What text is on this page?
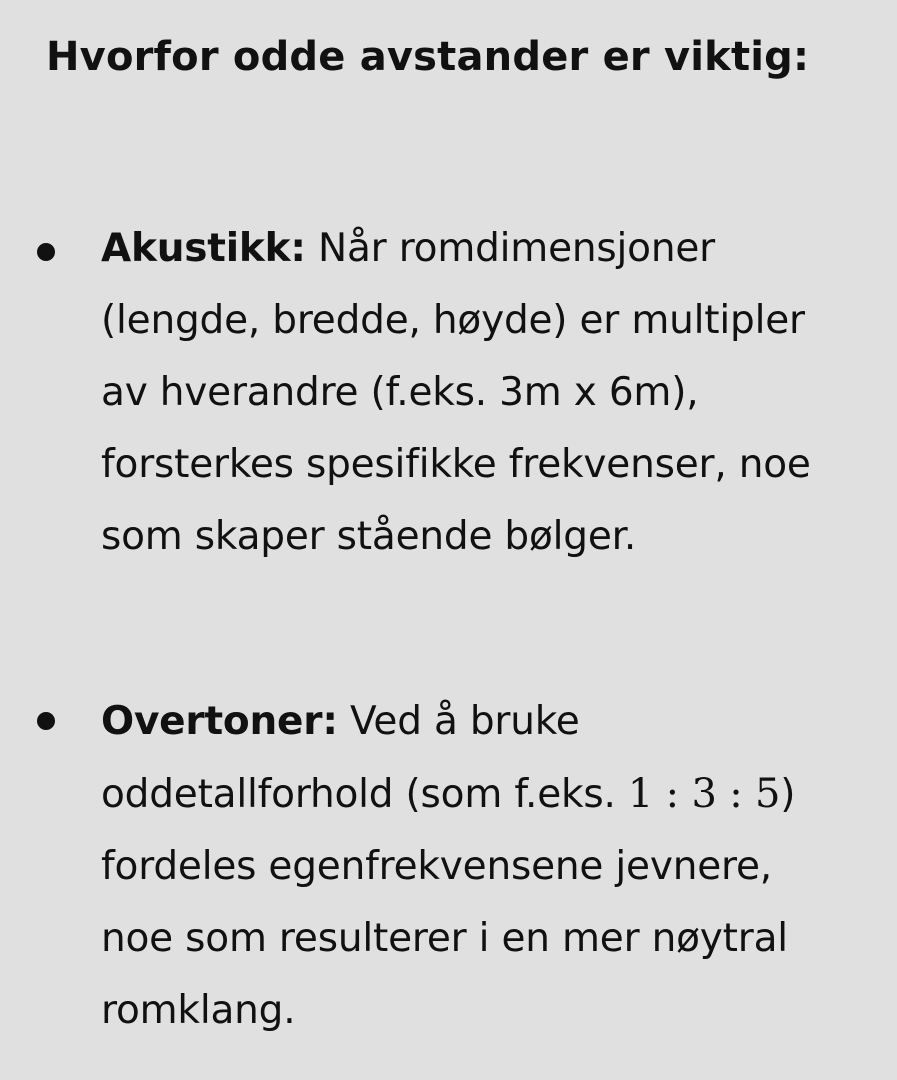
Hvorfor odde avstander er viktig:
Akustikk: Når romdimensjoner (lengde, bredde, høyde) er multipler av hverandre (f.eks. 3m x 6m), forsterkes spesifikke frekvenser, noe som skaper stående bølger.
Overtoner: Ved å bruke oddetallforhold (som f.eks. 1 : 3 : 5) fordeles egenfrekvensene jevnere, noe som resulterer i en mer nøytral romklang.
